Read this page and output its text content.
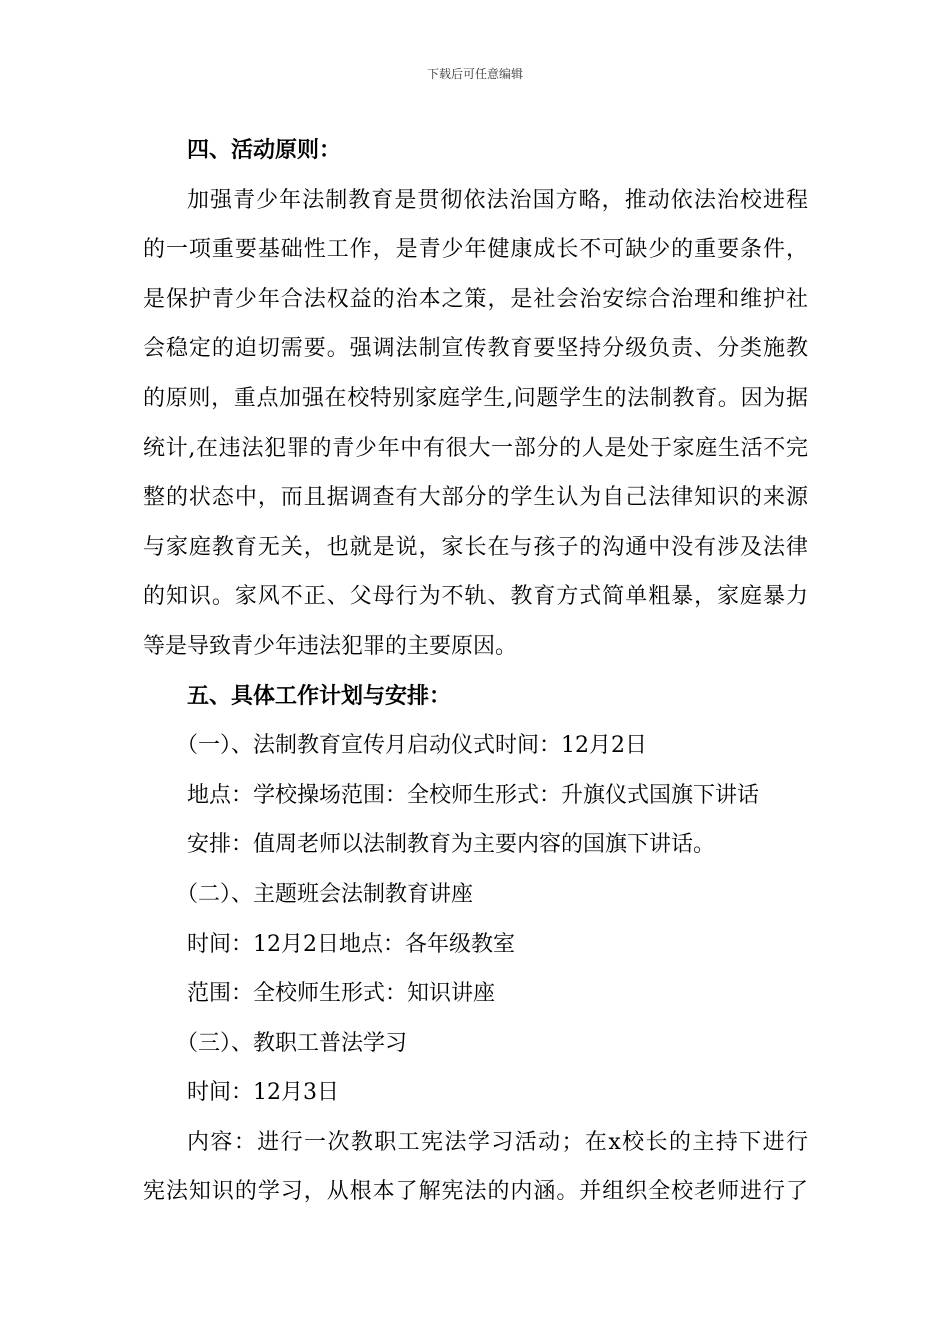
下载后可任意编辑
四、活动原则：
加强青少年法制教育是贯彻依法治国方略，推动依法治校进程
的一项重要基础性工作，是青少年健康成长不可缺少的重要条件，
是保护青少年合法权益的治本之策，是社会治安综合治理和维护社
会稳定的迫切需要。强调法制宣传教育要坚持分级负责、分类施教
的原则，重点加强在校特别家庭学生,问题学生的法制教育。因为据
统计,在违法犯罪的青少年中有很大一部分的人是处于家庭生活不完
整的状态中，而且据调查有大部分的学生认为自己法律知识的来源
与家庭教育无关，也就是说，家长在与孩子的沟通中没有涉及法律
的知识。家风不正、父母行为不轨、教育方式简单粗暴，家庭暴力
等是导致青少年违法犯罪的主要原因。
五、具体工作计划与安排：
（一）、法制教育宣传月启动仪式时间：12月2日
地点：学校操场范围：全校师生形式：升旗仪式国旗下讲话
安排：值周老师以法制教育为主要内容的国旗下讲话。
（二）、主题班会法制教育讲座
时间：12月2日地点：各年级教室
范围：全校师生形式：知识讲座
（三）、教职工普法学习
时间：12月3日
内容：进行一次教职工宪法学习活动；在x校长的主持下进行
宪法知识的学习，从根本了解宪法的内涵。并组织全校老师进行了
